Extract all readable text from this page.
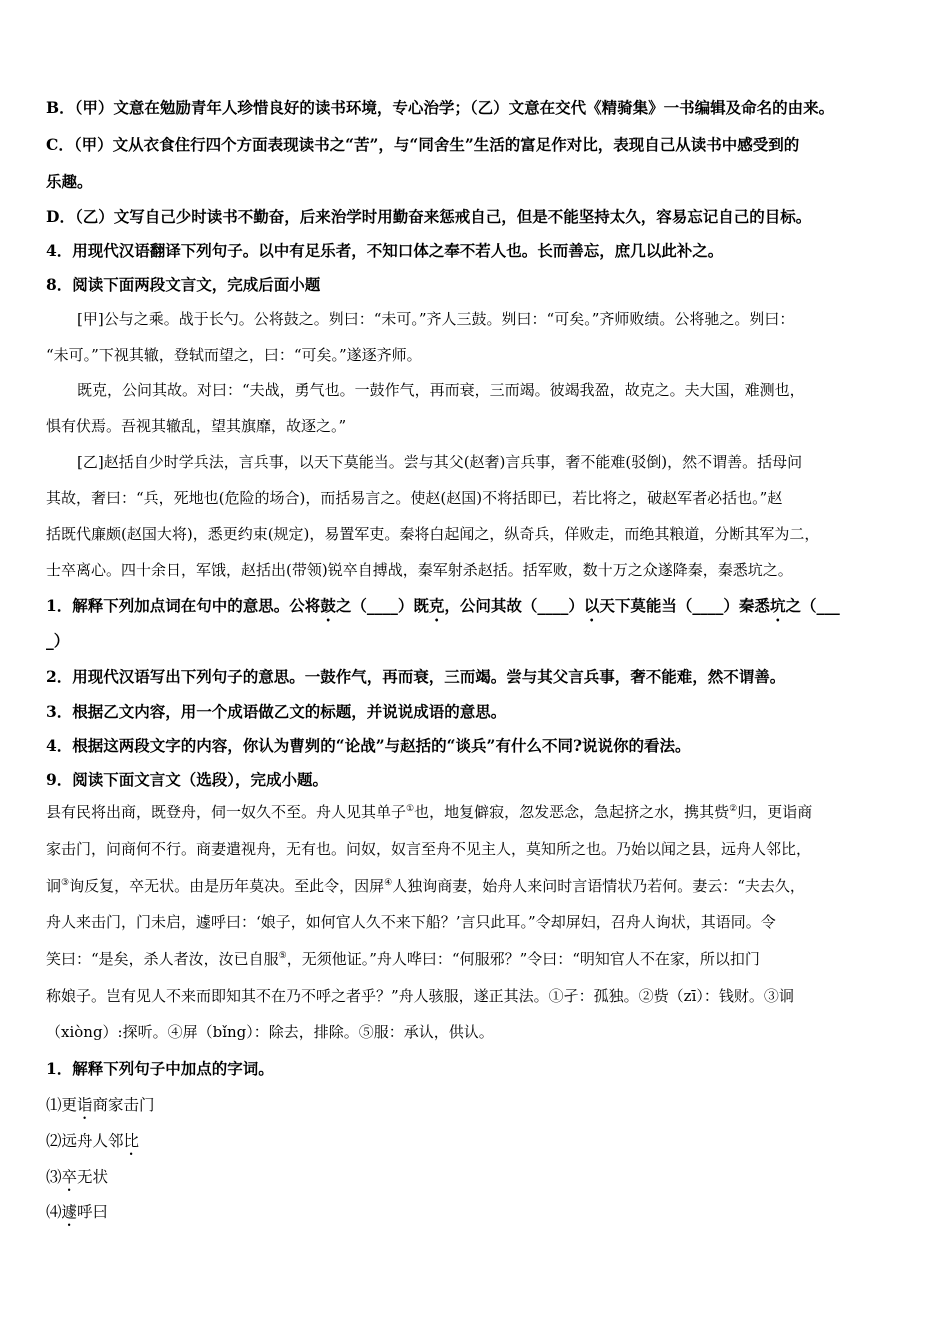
B．（甲）文意在勉励青年人珍惜良好的读书环境，专心治学；（乙）文意在交代《精骑集》一书编辑及命名的由来。

C．（甲）文从衣食住行四个方面表现读书之“苦”，与“同舍生”生活的富足作对比，表现自己从读书中感受到的

乐趣。

D．（乙）文写自己少时读书不勤奋，后来治学时用勤奋来惩戒自己，但是不能坚持太久，容易忘记自己的目标。

4．用现代汉语翻译下列句子。以中有足乐者，不知口体之奉不若人也。长而善忘，庶几以此补之。

8．阅读下面两段文言文，完成后面小题

[甲]公与之乘。战于长勺。公将鼓之。刿曰：“未可。”齐人三鼓。刿曰：“可矣。”齐师败绩。公将驰之。刿曰：

“未可。”下视其辙，登轼而望之，曰：“可矣。”遂逐齐师。

既克，公问其故。对曰：“夫战，勇气也。一鼓作气，再而衰，三而竭。彼竭我盈，故克之。夫大国，难测也，

惧有伏焉。吾视其辙乱，望其旗靡，故逐之。”

[乙]赵括自少时学兵法，言兵事，以天下莫能当。尝与其父(赵奢)言兵事，奢不能难(驳倒)，然不谓善。括母问

其故，奢曰：“兵，死地也(危险的场合)，而括易言之。使赵(赵国)不将括即已，若比将之，破赵军者必括也。”赵

括既代廉颇(赵国大将)，悉更约束(规定)，易置军吏。秦将白起闻之，纵奇兵，佯败走，而绝其粮道，分断其军为二，

士卒离心。四十余日，军饿，赵括出(带领)锐卒自搏战，秦军射杀赵括。括军败，数十万之众遂降秦，秦悉坑之。

1．解释下列加点词在句中的意思。公将鼓之（____）既克，公问其故（____）以天下莫能当（____）秦悉坑之（___

_）

2．用现代汉语写出下列句子的意思。一鼓作气，再而衰，三而竭。尝与其父言兵事，奢不能难，然不谓善。

3．根据乙文内容，用一个成语做乙文的标题，并说说成语的意思。

4．根据这两段文字的内容，你认为曹刿的“论战”与赵括的“谈兵”有什么不同?说说你的看法。

9．阅读下面文言文（选段），完成小题。

县有民将出商，既登舟，伺一奴久不至。舟人见其单子①也，地复僻寂，忽发恶念，急起挤之水，携其赀②归，更诣商

家击门，问商何不行。商妻遣视舟，无有也。问奴，奴言至舟不见主人，莫知所之也。乃始以闻之县，远舟人邻比，

诇③询反复，卒无状。由是历年莫决。至此令，因屏④人独询商妻，始舟人来问时言语情状乃若何。妻云：“夫去久，

舟人来击门，门未启，遽呼曰：‘娘子，如何官人久不来下船？’言只此耳。”令却屏妇，召舟人询状，其语同。令

笑曰：“是矣，杀人者汝，汝已自服⑤，无须他证。”舟人哗曰：“何服邪？”令曰：“明知官人不在家，所以扣门

称娘子。岂有见人不来而即知其不在乃不呼之者乎？”舟人骇服，遂正其法。①孑：孤独。②赀（zī）：钱财。③诇

（xiòng）:探听。④屏（bǐng）：除去，排除。⑤服：承认，供认。

1．解释下列句子中加点的字词。

⑴更诣商家击门

⑵远舟人邻比

⑶卒无状

⑷遽呼曰
